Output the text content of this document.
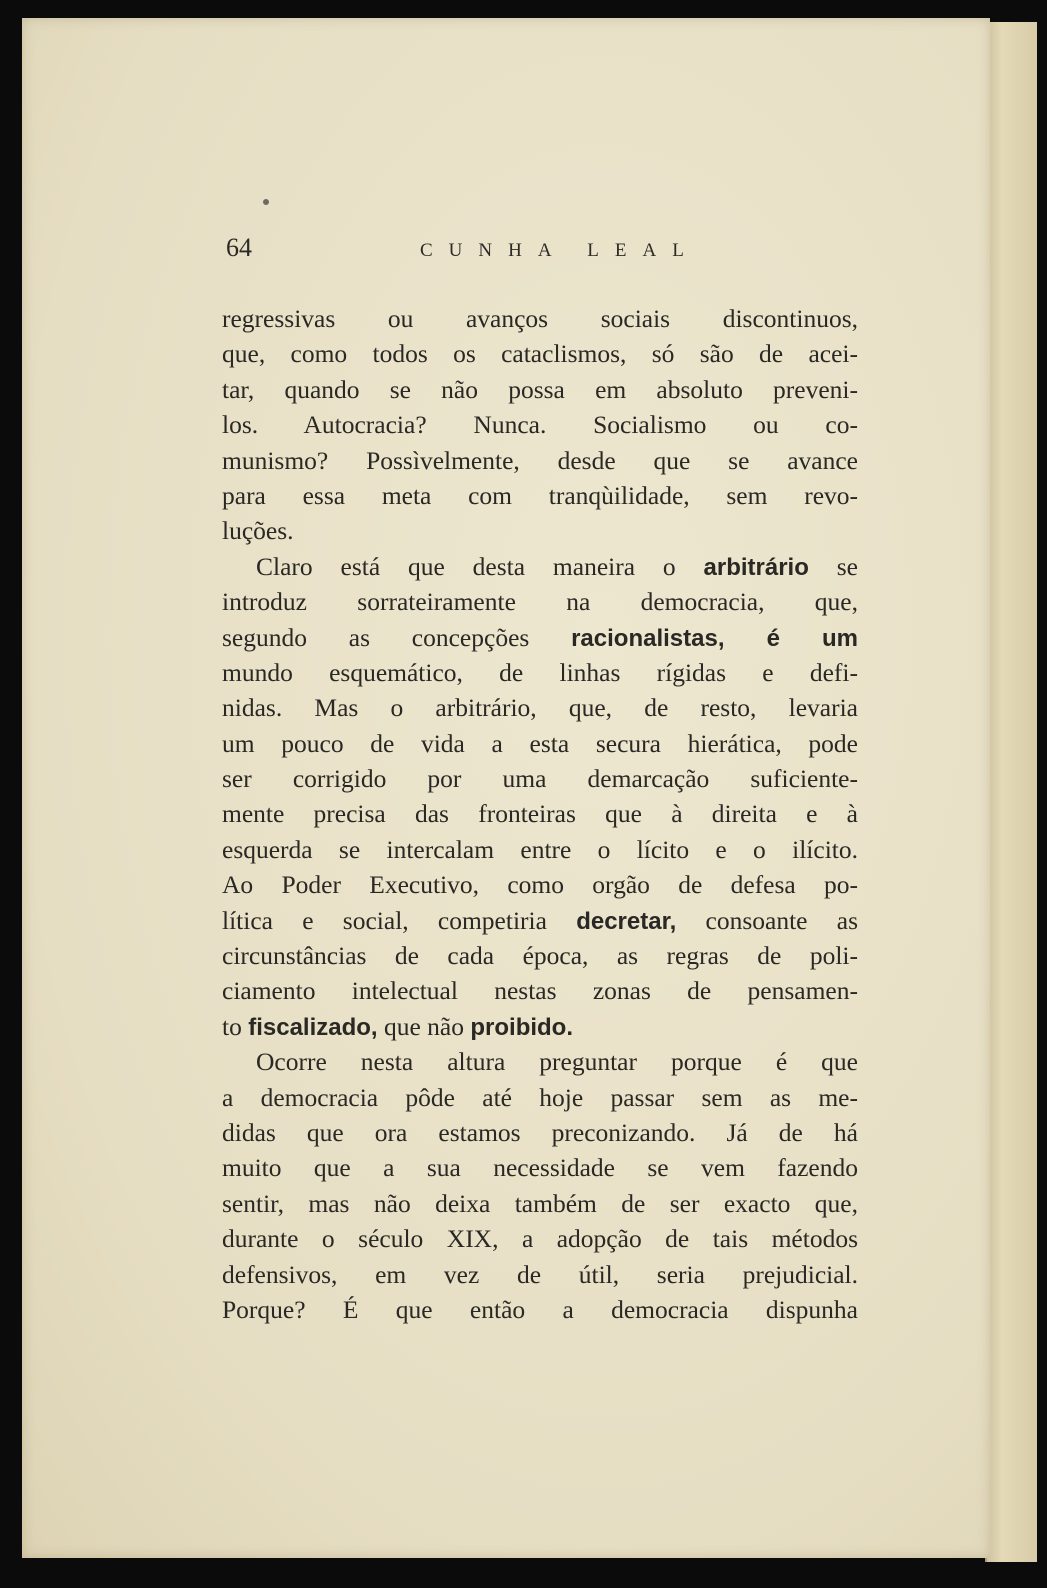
64	CUNHA LEAL
regressivas ou avanços sociais discontinuos,
que, como todos os cataclismos, só são de acei-
tar, quando se não possa em absoluto preveni-
los. Autocracia? Nunca. Socialismo ou co-
munismo? Possìvelmente, desde que se avance
para essa meta com tranqùilidade, sem revo-
luções.
Claro está que desta maneira o arbitrário se
introduz sorrateiramente na democracia, que,
segundo as concepções racionalistas, é um
mundo esquemático, de linhas rígidas e defi-
nidas. Mas o arbitrário, que, de resto, levaria
um pouco de vida a esta secura hierática, pode
ser corrigido por uma demarcação suficiente-
mente precisa das fronteiras que à direita e à
esquerda se intercalam entre o lícito e o ilícito.
Ao Poder Executivo, como orgão de defesa po-
lítica e social, competiria decretar, consoante as
circunstâncias de cada época, as regras de poli-
ciamento intelectual nestas zonas de pensamen-
to fiscalizado, que não proibido.
Ocorre nesta altura preguntar porque é que
a democracia pôde até hoje passar sem as me-
didas que ora estamos preconizando. Já de há
muito que a sua necessidade se vem fazendo
sentir, mas não deixa também de ser exacto que,
durante o século XIX, a adopção de tais métodos
defensivos, em vez de útil, seria prejudicial.
Porque? É que então a democracia dispunha
